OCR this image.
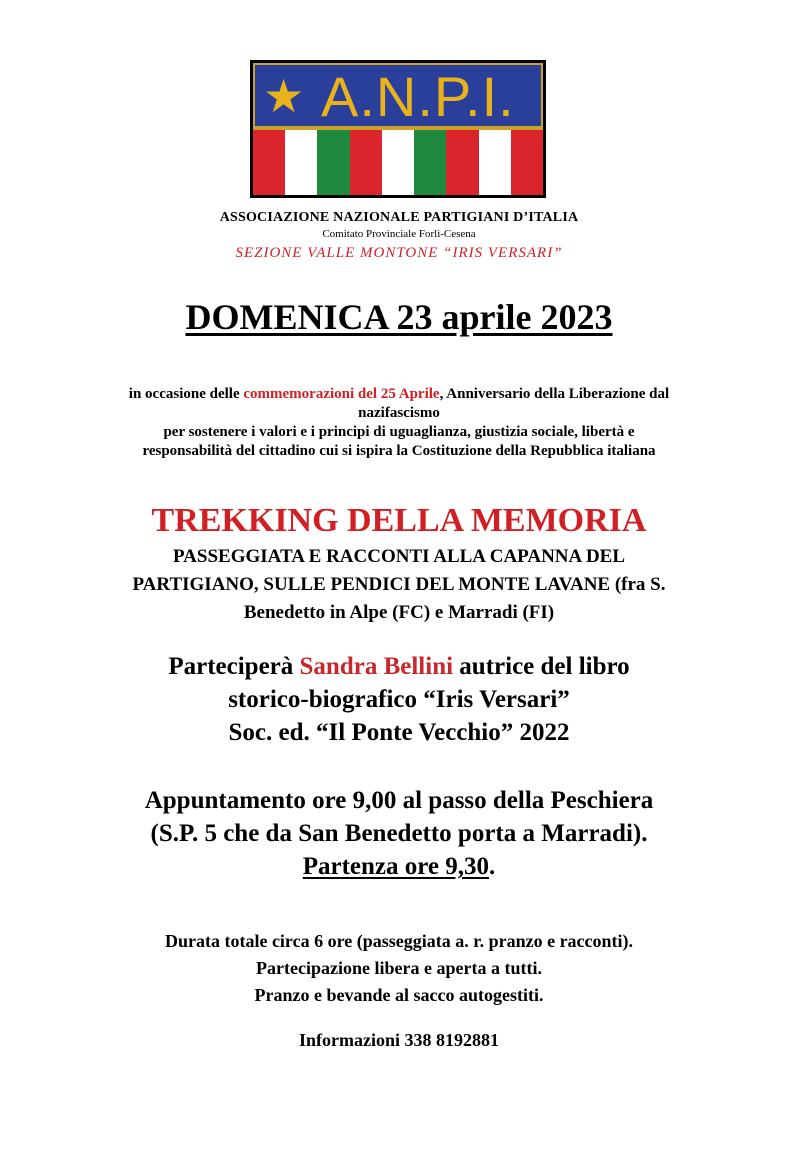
★ A.N.P.I.
ASSOCIAZIONE NAZIONALE PARTIGIANI D’ITALIA
Comitato Provinciale Forlì-Cesena
SEZIONE VALLE MONTONE “IRIS VERSARI”
DOMENICA 23 aprile 2023
in occasione delle commemorazioni del 25 Aprile, Anniversario della Liberazione dal
nazifascismo
per sostenere i valori e i principi di uguaglianza, giustizia sociale, libertà e
responsabilità del cittadino cui si ispira la Costituzione della Repubblica italiana
TREKKING DELLA MEMORIA
PASSEGGIATA E RACCONTI ALLA CAPANNA DEL
PARTIGIANO, SULLE PENDICI DEL MONTE LAVANE (fra S.
Benedetto in Alpe (FC) e Marradi (FI)
Parteciperà Sandra Bellini autrice del libro
storico-biografico “Iris Versari”
Soc. ed. “Il Ponte Vecchio” 2022
Appuntamento ore 9,00 al passo della Peschiera
(S.P. 5 che da San Benedetto porta a Marradi).
Partenza ore 9,30.
Durata totale circa 6 ore (passeggiata a. r. pranzo e racconti).
Partecipazione libera e aperta a tutti.
Pranzo e bevande al sacco autogestiti.
Informazioni 338 8192881
